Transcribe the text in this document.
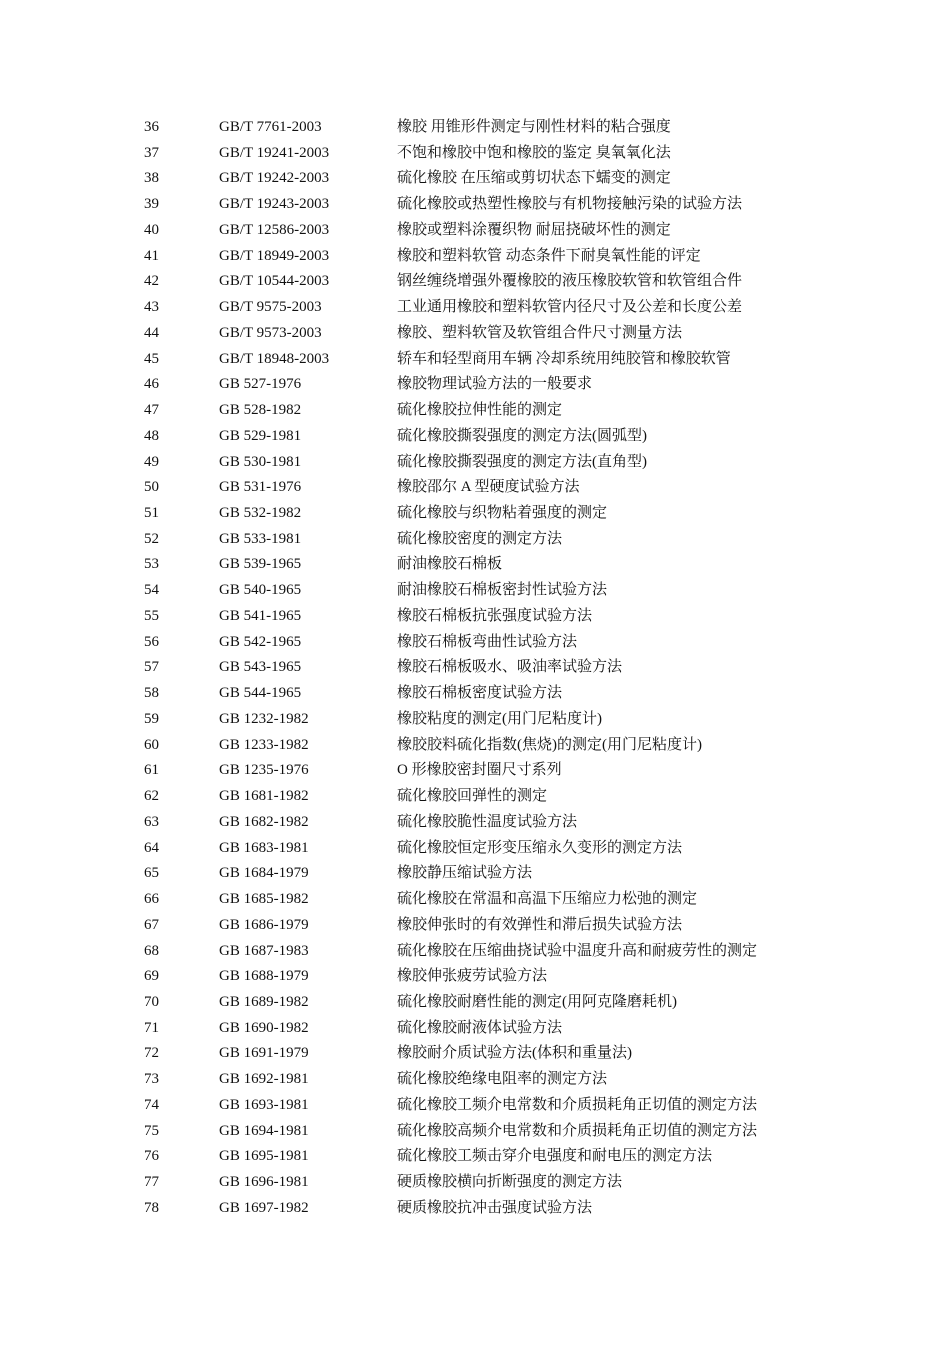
36	GB/T 7761-2003	橡胶 用锥形件测定与刚性材料的粘合强度
37	GB/T 19241-2003	不饱和橡胶中饱和橡胶的鉴定 臭氧氧化法
38	GB/T 19242-2003	硫化橡胶 在压缩或剪切状态下蠕变的测定
39	GB/T 19243-2003	硫化橡胶或热塑性橡胶与有机物接触污染的试验方法
40	GB/T 12586-2003	橡胶或塑料涂覆织物 耐屈挠破坏性的测定
41	GB/T 18949-2003	橡胶和塑料软管 动态条件下耐臭氧性能的评定
42	GB/T 10544-2003	钢丝缠绕增强外覆橡胶的液压橡胶软管和软管组合件
43	GB/T 9575-2003	工业通用橡胶和塑料软管内径尺寸及公差和长度公差
44	GB/T 9573-2003	橡胶、塑料软管及软管组合件尺寸测量方法
45	GB/T 18948-2003	轿车和轻型商用车辆 冷却系统用纯胶管和橡胶软管
46	GB 527-1976	橡胶物理试验方法的一般要求
47	GB 528-1982	硫化橡胶拉伸性能的测定
48	GB 529-1981	硫化橡胶撕裂强度的测定方法(圆弧型)
49	GB 530-1981	硫化橡胶撕裂强度的测定方法(直角型)
50	GB 531-1976	橡胶邵尔 A 型硬度试验方法
51	GB 532-1982	硫化橡胶与织物粘着强度的测定
52	GB 533-1981	硫化橡胶密度的测定方法
53	GB 539-1965	耐油橡胶石棉板
54	GB 540-1965	耐油橡胶石棉板密封性试验方法
55	GB 541-1965	橡胶石棉板抗张强度试验方法
56	GB 542-1965	橡胶石棉板弯曲性试验方法
57	GB 543-1965	橡胶石棉板吸水、吸油率试验方法
58	GB 544-1965	橡胶石棉板密度试验方法
59	GB 1232-1982	橡胶粘度的测定(用门尼粘度计)
60	GB 1233-1982	橡胶胶料硫化指数(焦烧)的测定(用门尼粘度计)
61	GB 1235-1976	O 形橡胶密封圈尺寸系列
62	GB 1681-1982	硫化橡胶回弹性的测定
63	GB 1682-1982	硫化橡胶脆性温度试验方法
64	GB 1683-1981	硫化橡胶恒定形变压缩永久变形的测定方法
65	GB 1684-1979	橡胶静压缩试验方法
66	GB 1685-1982	硫化橡胶在常温和高温下压缩应力松弛的测定
67	GB 1686-1979	橡胶伸张时的有效弹性和滞后损失试验方法
68	GB 1687-1983	硫化橡胶在压缩曲挠试验中温度升高和耐疲劳性的测定
69	GB 1688-1979	橡胶伸张疲劳试验方法
70	GB 1689-1982	硫化橡胶耐磨性能的测定(用阿克隆磨耗机)
71	GB 1690-1982	硫化橡胶耐液体试验方法
72	GB 1691-1979	橡胶耐介质试验方法(体积和重量法)
73	GB 1692-1981	硫化橡胶绝缘电阻率的测定方法
74	GB 1693-1981	硫化橡胶工频介电常数和介质损耗角正切值的测定方法
75	GB 1694-1981	硫化橡胶高频介电常数和介质损耗角正切值的测定方法
76	GB 1695-1981	硫化橡胶工频击穿介电强度和耐电压的测定方法
77	GB 1696-1981	硬质橡胶横向折断强度的测定方法
78	GB 1697-1982	硬质橡胶抗冲击强度试验方法
